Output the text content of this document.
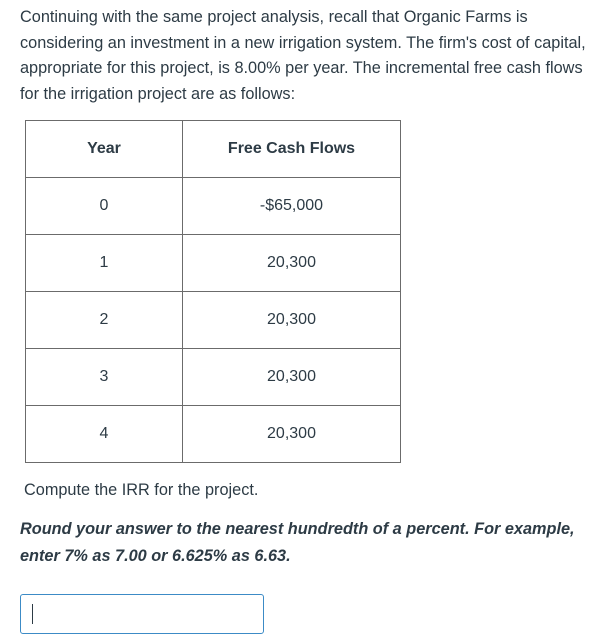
Continuing with the same project analysis, recall that Organic Farms is considering an investment in a new irrigation system. The firm's cost of capital, appropriate for this project, is 8.00% per year. The incremental free cash flows for the irrigation project are as follows:

Year	Free Cash Flows
0	-$65,000
1	20,300
2	20,300
3	20,300
4	20,300

Compute the IRR for the project.

Round your answer to the nearest hundredth of a percent. For example, enter 7% as 7.00 or 6.625% as 6.63.
